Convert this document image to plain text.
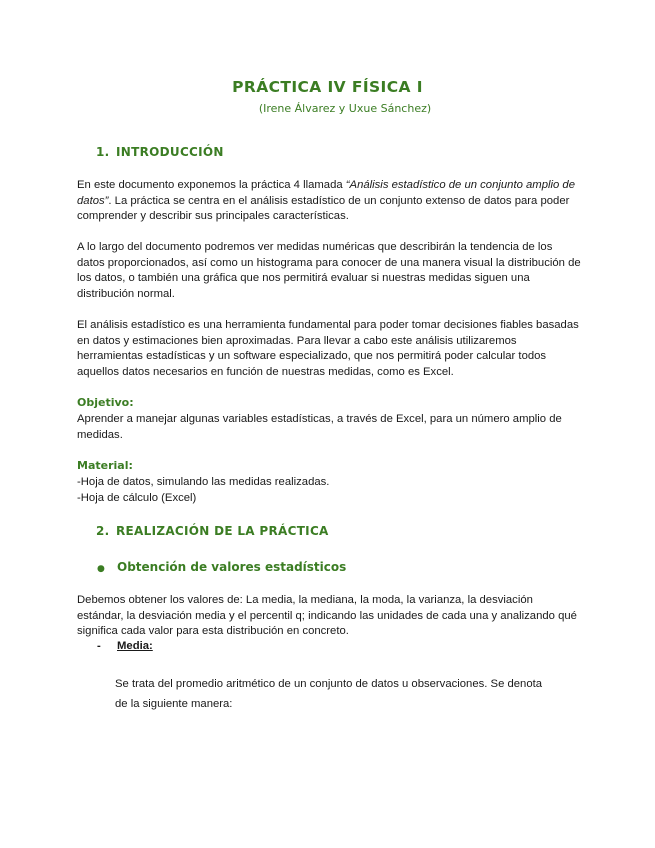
PRÁCTICA IV FÍSICA I
(Irene Álvarez y Uxue Sánchez)
1. INTRODUCCIÓN

En este documento exponemos la práctica 4 llamada “Análisis estadístico de un conjunto amplio de datos”. La práctica se centra en el análisis estadístico de un conjunto extenso de datos para poder comprender y describir sus principales características.

A lo largo del documento podremos ver medidas numéricas que describirán la tendencia de los datos proporcionados, así como un histograma para conocer de una manera visual la distribución de los datos, o también una gráfica que nos permitirá evaluar si nuestras medidas siguen una distribución normal.

El análisis estadístico es una herramienta fundamental para poder tomar decisiones fiables basadas en datos y estimaciones bien aproximadas. Para llevar a cabo este análisis utilizaremos herramientas estadísticas y un software especializado, que nos permitirá poder calcular todos aquellos datos necesarios en función de nuestras medidas, como es Excel.

Objetivo:

Aprender a manejar algunas variables estadísticas, a través de Excel, para un número amplio de medidas.

Material:

-Hoja de datos, simulando las medidas realizadas.

-Hoja de cálculo (Excel)

2. REALIZACIÓN DE LA PRÁCTICA
● Obtención de valores estadísticos

Debemos obtener los valores de: La media, la mediana, la moda, la varianza, la desviación estándar, la desviación media y el percentil q; indicando las unidades de cada una y analizando qué significa cada valor para esta distribución en concreto.

- Media:

Se trata del promedio aritmético de un conjunto de datos u observaciones. Se denota

de la siguiente manera:
